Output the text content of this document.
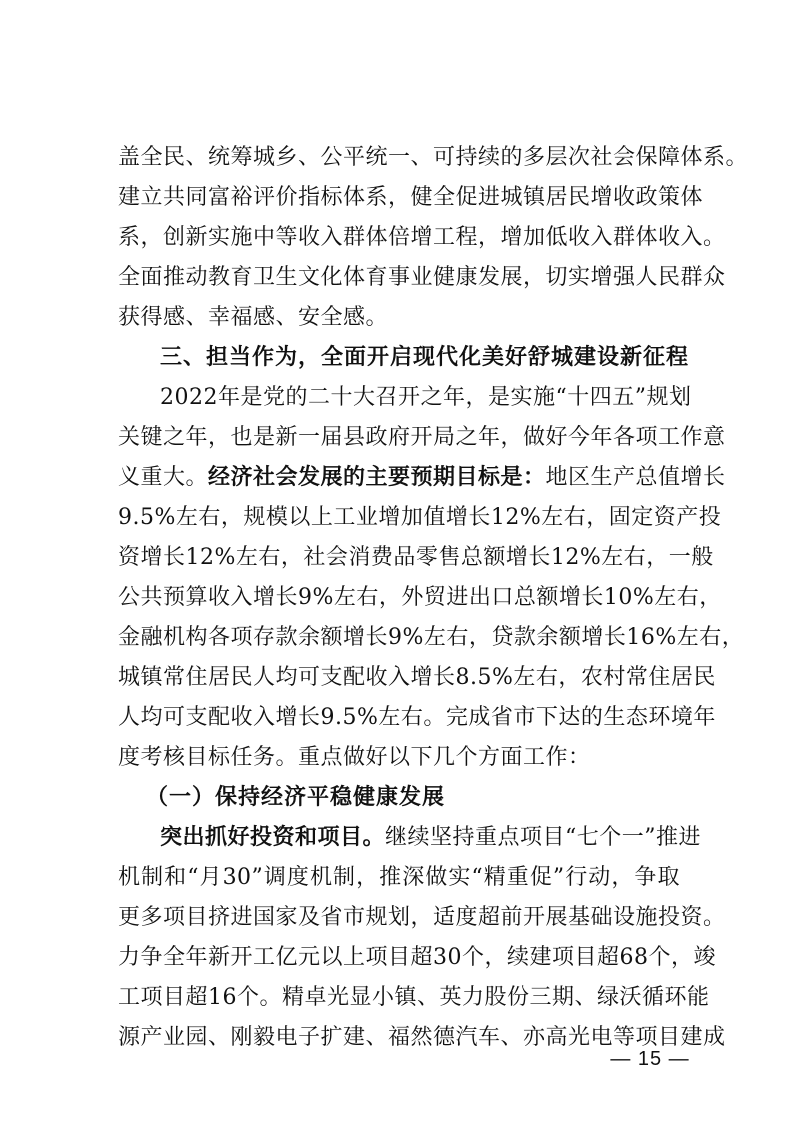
盖全民、统筹城乡、公平统一、可持续的多层次社会保障体系。
建立共同富裕评价指标体系，健全促进城镇居民增收政策体
系，创新实施中等收入群体倍增工程，增加低收入群体收入。
全面推动教育卫生文化体育事业健康发展，切实增强人民群众
获得感、幸福感、安全感。
三、担当作为，全面开启现代化美好舒城建设新征程
2022年是党的二十大召开之年，是实施“十四五”规划
关键之年，也是新一届县政府开局之年，做好今年各项工作意
义重大。经济社会发展的主要预期目标是：地区生产总值增长
9.5%左右，规模以上工业增加值增长12%左右，固定资产投
资增长12%左右，社会消费品零售总额增长12%左右，一般
公共预算收入增长9%左右，外贸进出口总额增长10%左右，
金融机构各项存款余额增长9%左右，贷款余额增长16%左右，
城镇常住居民人均可支配收入增长8.5%左右，农村常住居民
人均可支配收入增长9.5%左右。完成省市下达的生态环境年
度考核目标任务。重点做好以下几个方面工作：
（一）保持经济平稳健康发展
突出抓好投资和项目。继续坚持重点项目“七个一”推进
机制和“月30”调度机制，推深做实“精重促”行动，争取
更多项目挤进国家及省市规划，适度超前开展基础设施投资。
力争全年新开工亿元以上项目超30个，续建项目超68个，竣
工项目超16个。精卓光显小镇、英力股份三期、绿沃循环能
源产业园、刚毅电子扩建、福然德汽车、亦高光电等项目建成
— 15 —
